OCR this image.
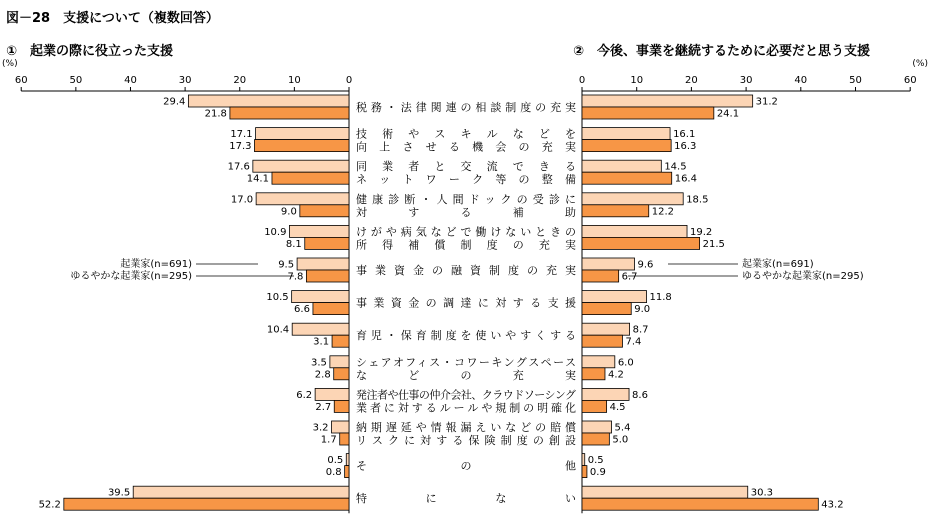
図－28　支援について（複数回答）
①　起業の際に役立った支援	②　今後、事業を継続するために必要だと思う支援
(%)
0
10
20
30
40
50
60
29.4
17.1
17.6
17.0
10.9
9.5
10.5
10.4
3.5
6.2
3.2
0.5
39.5
21.8
17.3
14.1
9.0
8.1
7.8
6.6
3.1
2.8
2.7
1.7
0.8
52.2
(%)
0	10	20	30	40	50	60
31.2
16.1
14.5
18.5
19.2
9.6
11.8
8.7
6.0
8.6
5.4
0.5
30.3
24.1
16.3
16.4
12.2
21.5
6.7
9.0
7.4
4.2
4.5
5.0
0.9
43.2
起業家(n=691)
ゆるやかな起業家(n=295)
起業家(n=691)
ゆるやかな起業家(n=295)
税務・法律関連の相談制度の充実
技術やスキルなどを
向上させる機会の充実
同業者と交流できる
ネットワーク等の整備
健康診断・人間ドックの受診に
対する補助
けがや病気などで働けないときの
所得補償制度の充実
事業資金の融資制度の充実
事業資金の調達に対する支援
育児・保育制度を使いやすくする
シェアオフィス・コワーキングスペース
などの充実
発注者や仕事の仲介会社、クラウドソーシング
業者に対するルールや規制の明確化
納期遅延や情報漏えいなどの賠償
リスクに対する保険制度の創設
その他
特にない
